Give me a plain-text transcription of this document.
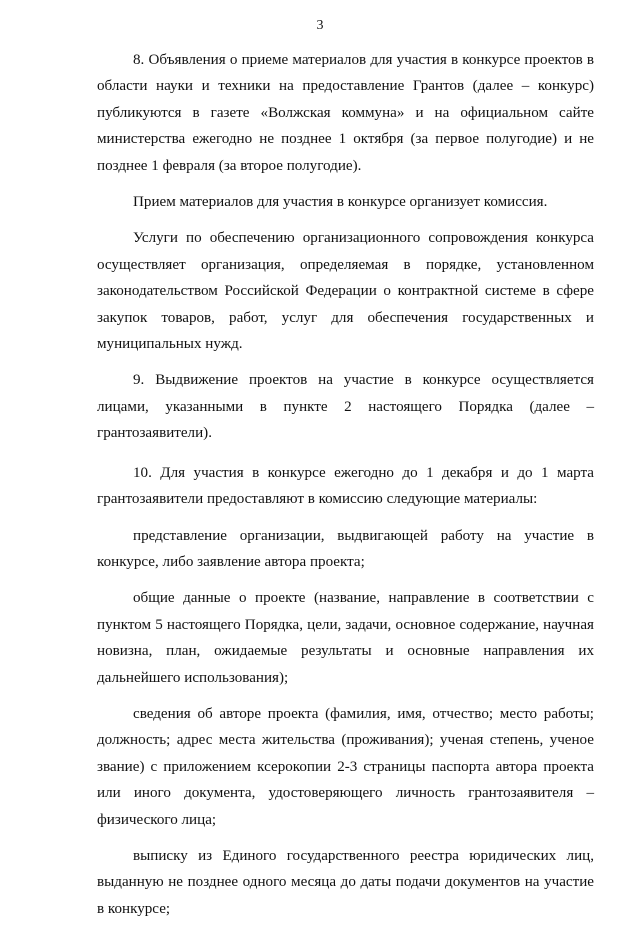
3

8. Объявления о приеме материалов для участия в конкурсе проектов в области науки и техники на предоставление Грантов (далее – конкурс) публикуются в газете «Волжская коммуна» и на официальном сайте министерства ежегодно не позднее 1 октября (за первое полугодие) и не позднее 1 февраля (за второе полугодие).

Прием материалов для участия в конкурсе организует комиссия.

Услуги по обеспечению организационного сопровождения конкурса осуществляет организация, определяемая в порядке, установленном законодательством Российской Федерации о контрактной системе в сфере закупок товаров, работ, услуг для обеспечения государственных и муниципальных нужд.

9. Выдвижение проектов на участие в конкурсе осуществляется лицами, указанными в пункте 2 настоящего Порядка (далее – грантозаявители).

10. Для участия в конкурсе ежегодно до 1 декабря и до 1 марта грантозаявители предоставляют в комиссию следующие материалы:

представление организации, выдвигающей работу на участие в конкурсе, либо заявление автора проекта;

общие данные о проекте (название, направление в соответствии с пунктом 5 настоящего Порядка, цели, задачи, основное содержание, научная новизна, план, ожидаемые результаты и основные направления их дальнейшего использования);

сведения об авторе проекта (фамилия, имя, отчество; место работы; должность; адрес места жительства (проживания); ученая степень, ученое звание) с приложением ксерокопии 2-3 страницы паспорта автора проекта или иного документа, удостоверяющего личность грантозаявителя – физического лица;

выписку из Единого государственного реестра юридических лиц, выданную не позднее одного месяца до даты подачи документов на участие в конкурсе;
